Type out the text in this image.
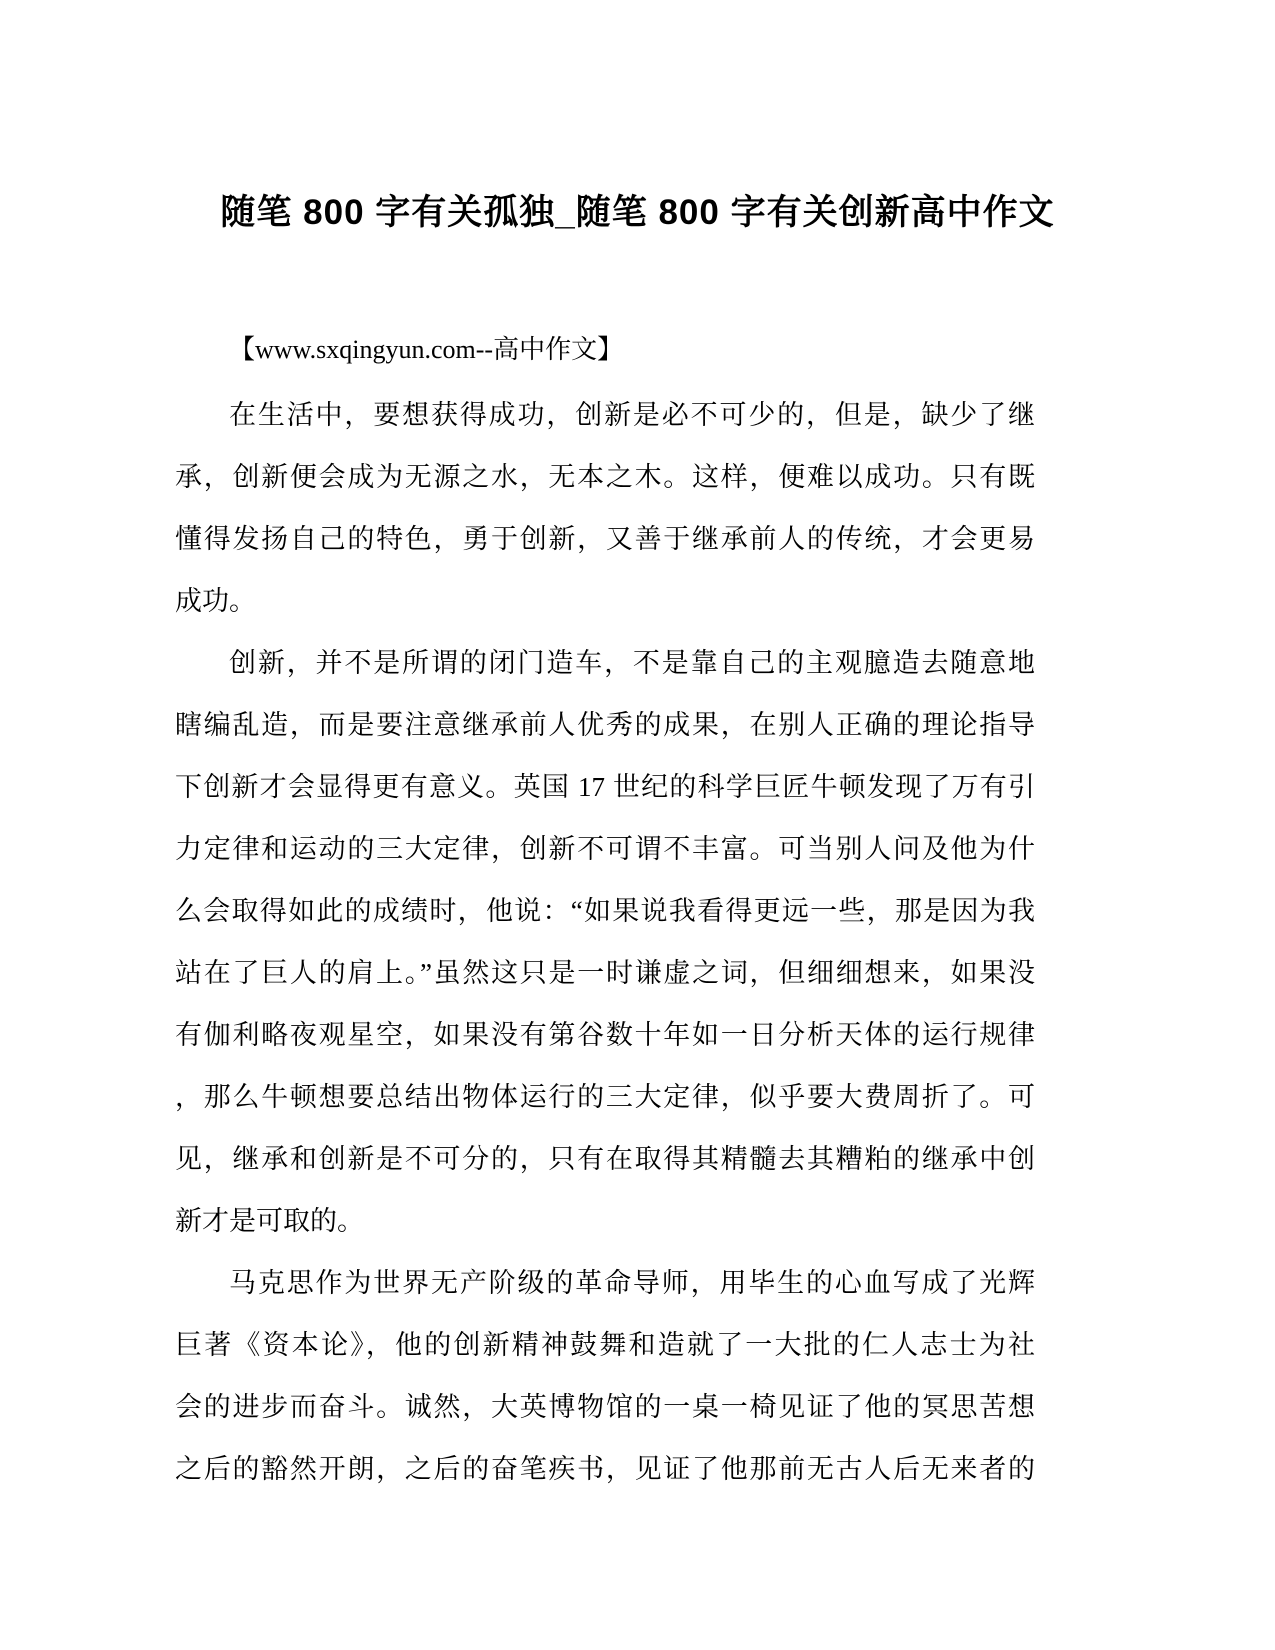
随笔 800 字有关孤独_随笔 800 字有关创新高中作文
【www.sxqingyun.com--高中作文】
在生活中，要想获得成功，创新是必不可少的，但是，缺少了继
承，创新便会成为无源之水，无本之木。这样，便难以成功。只有既
懂得发扬自己的特色，勇于创新，又善于继承前人的传统，才会更易
成功。
创新，并不是所谓的闭门造车，不是靠自己的主观臆造去随意地
瞎编乱造，而是要注意继承前人优秀的成果，在别人正确的理论指导
下创新才会显得更有意义。英国 17 世纪的科学巨匠牛顿发现了万有引
力定律和运动的三大定律，创新不可谓不丰富。可当别人问及他为什
么会取得如此的成绩时，他说：“如果说我看得更远一些，那是因为我
站在了巨人的肩上。”虽然这只是一时谦虚之词，但细细想来，如果没
有伽利略夜观星空，如果没有第谷数十年如一日分析天体的运行规律
，那么牛顿想要总结出物体运行的三大定律，似乎要大费周折了。可
见，继承和创新是不可分的，只有在取得其精髓去其糟粕的继承中创
新才是可取的。
马克思作为世界无产阶级的革命导师，用毕生的心血写成了光辉
巨著《资本论》，他的创新精神鼓舞和造就了一大批的仁人志士为社
会的进步而奋斗。诚然，大英博物馆的一桌一椅见证了他的冥思苦想
之后的豁然开朗，之后的奋笔疾书，见证了他那前无古人后无来者的
